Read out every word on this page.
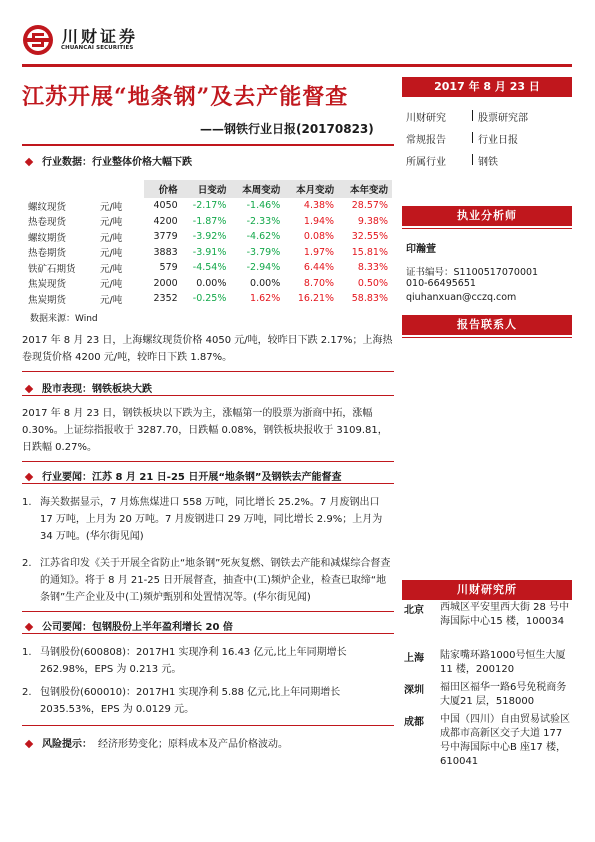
川财证券
CHUANCAI SECURITIES
江苏开展“地条钢”及去产能督查
——钢铁行业日报(20170823)
2017 年 8 月 23 日
川财研究	股票研究部
常规报告	行业日报
所属行业	钢铁
执业分析师
印瀚萱
证书编号：S1100517070001
010-66495651
qiuhanxuan@cczq.com
报告联系人
川财研究所
北京 西城区平安里西大街 28 号中海国际中心15 楼，100034
上海 陆家嘴环路1000号恒生大厦11 楼，200120
深圳 福田区福华一路6号免税商务大厦21 层，518000
成都 中国（四川）自由贸易试验区成都市高新区交子大道 177 号中海国际中心B 座17 楼，610041
行业数据：行业整体价格大幅下跌
		价格	日变动	本周变动	本月变动	本年变动
螺纹现货	元/吨	4050	-2.17%	-1.46%	4.38%	28.57%
热卷现货	元/吨	4200	-1.87%	-2.33%	1.94%	9.38%
螺纹期货	元/吨	3779	-3.92%	-4.62%	0.08%	32.55%
热卷期货	元/吨	3883	-3.91%	-3.79%	1.97%	15.81%
铁矿石期货	元/吨	579	-4.54%	-2.94%	6.44%	8.33%
焦炭现货	元/吨	2000	0.00%	0.00%	8.70%	0.50%
焦炭期货	元/吨	2352	-0.25%	1.62%	16.21%	58.83%
数据来源：Wind
2017 年 8 月 23 日，上海螺纹现货价格 4050 元/吨，较昨日下跌 2.17%；上海热卷现货价格 4200 元/吨，较昨日下跌 1.87%。
股市表现：钢铁板块大跌
2017 年 8 月 23 日，钢铁板块以下跌为主，涨幅第一的股票为浙商中拓，涨幅 0.30%。上证综指报收于 3287.70，日跌幅 0.08%，钢铁板块报收于 3109.81，日跌幅 0.27%。
行业要闻：江苏 8 月 21 日-25 日开展“地条钢”及钢铁去产能督查
1. 海关数据显示，7 月炼焦煤进口 558 万吨，同比增长 25.2%。7 月废钢出口 17 万吨，上月为 20 万吨。7 月废钢进口 29 万吨，同比增长 2.9%；上月为 34 万吨。(华尔街见闻)
2. 江苏省印发《关于开展全省防止“地条钢”死灰复燃、钢铁去产能和减煤综合督查的通知》。将于 8 月 21-25 日开展督查，抽查中(工)频炉企业，检查已取缔“地条钢”生产企业及中(工)频炉甄别和处置情况等。(华尔街见闻)
公司要闻：包钢股份上半年盈利增长 20 倍
1. 马钢股份(600808)：2017H1 实现净利 16.43 亿元,比上年同期增长 262.98%，EPS 为 0.213 元。
2. 包钢股份(600010)：2017H1 实现净利 5.88 亿元,比上年同期增长 2035.53%，EPS 为 0.0129 元。
风险提示： 经济形势变化；原料成本及产品价格波动。
